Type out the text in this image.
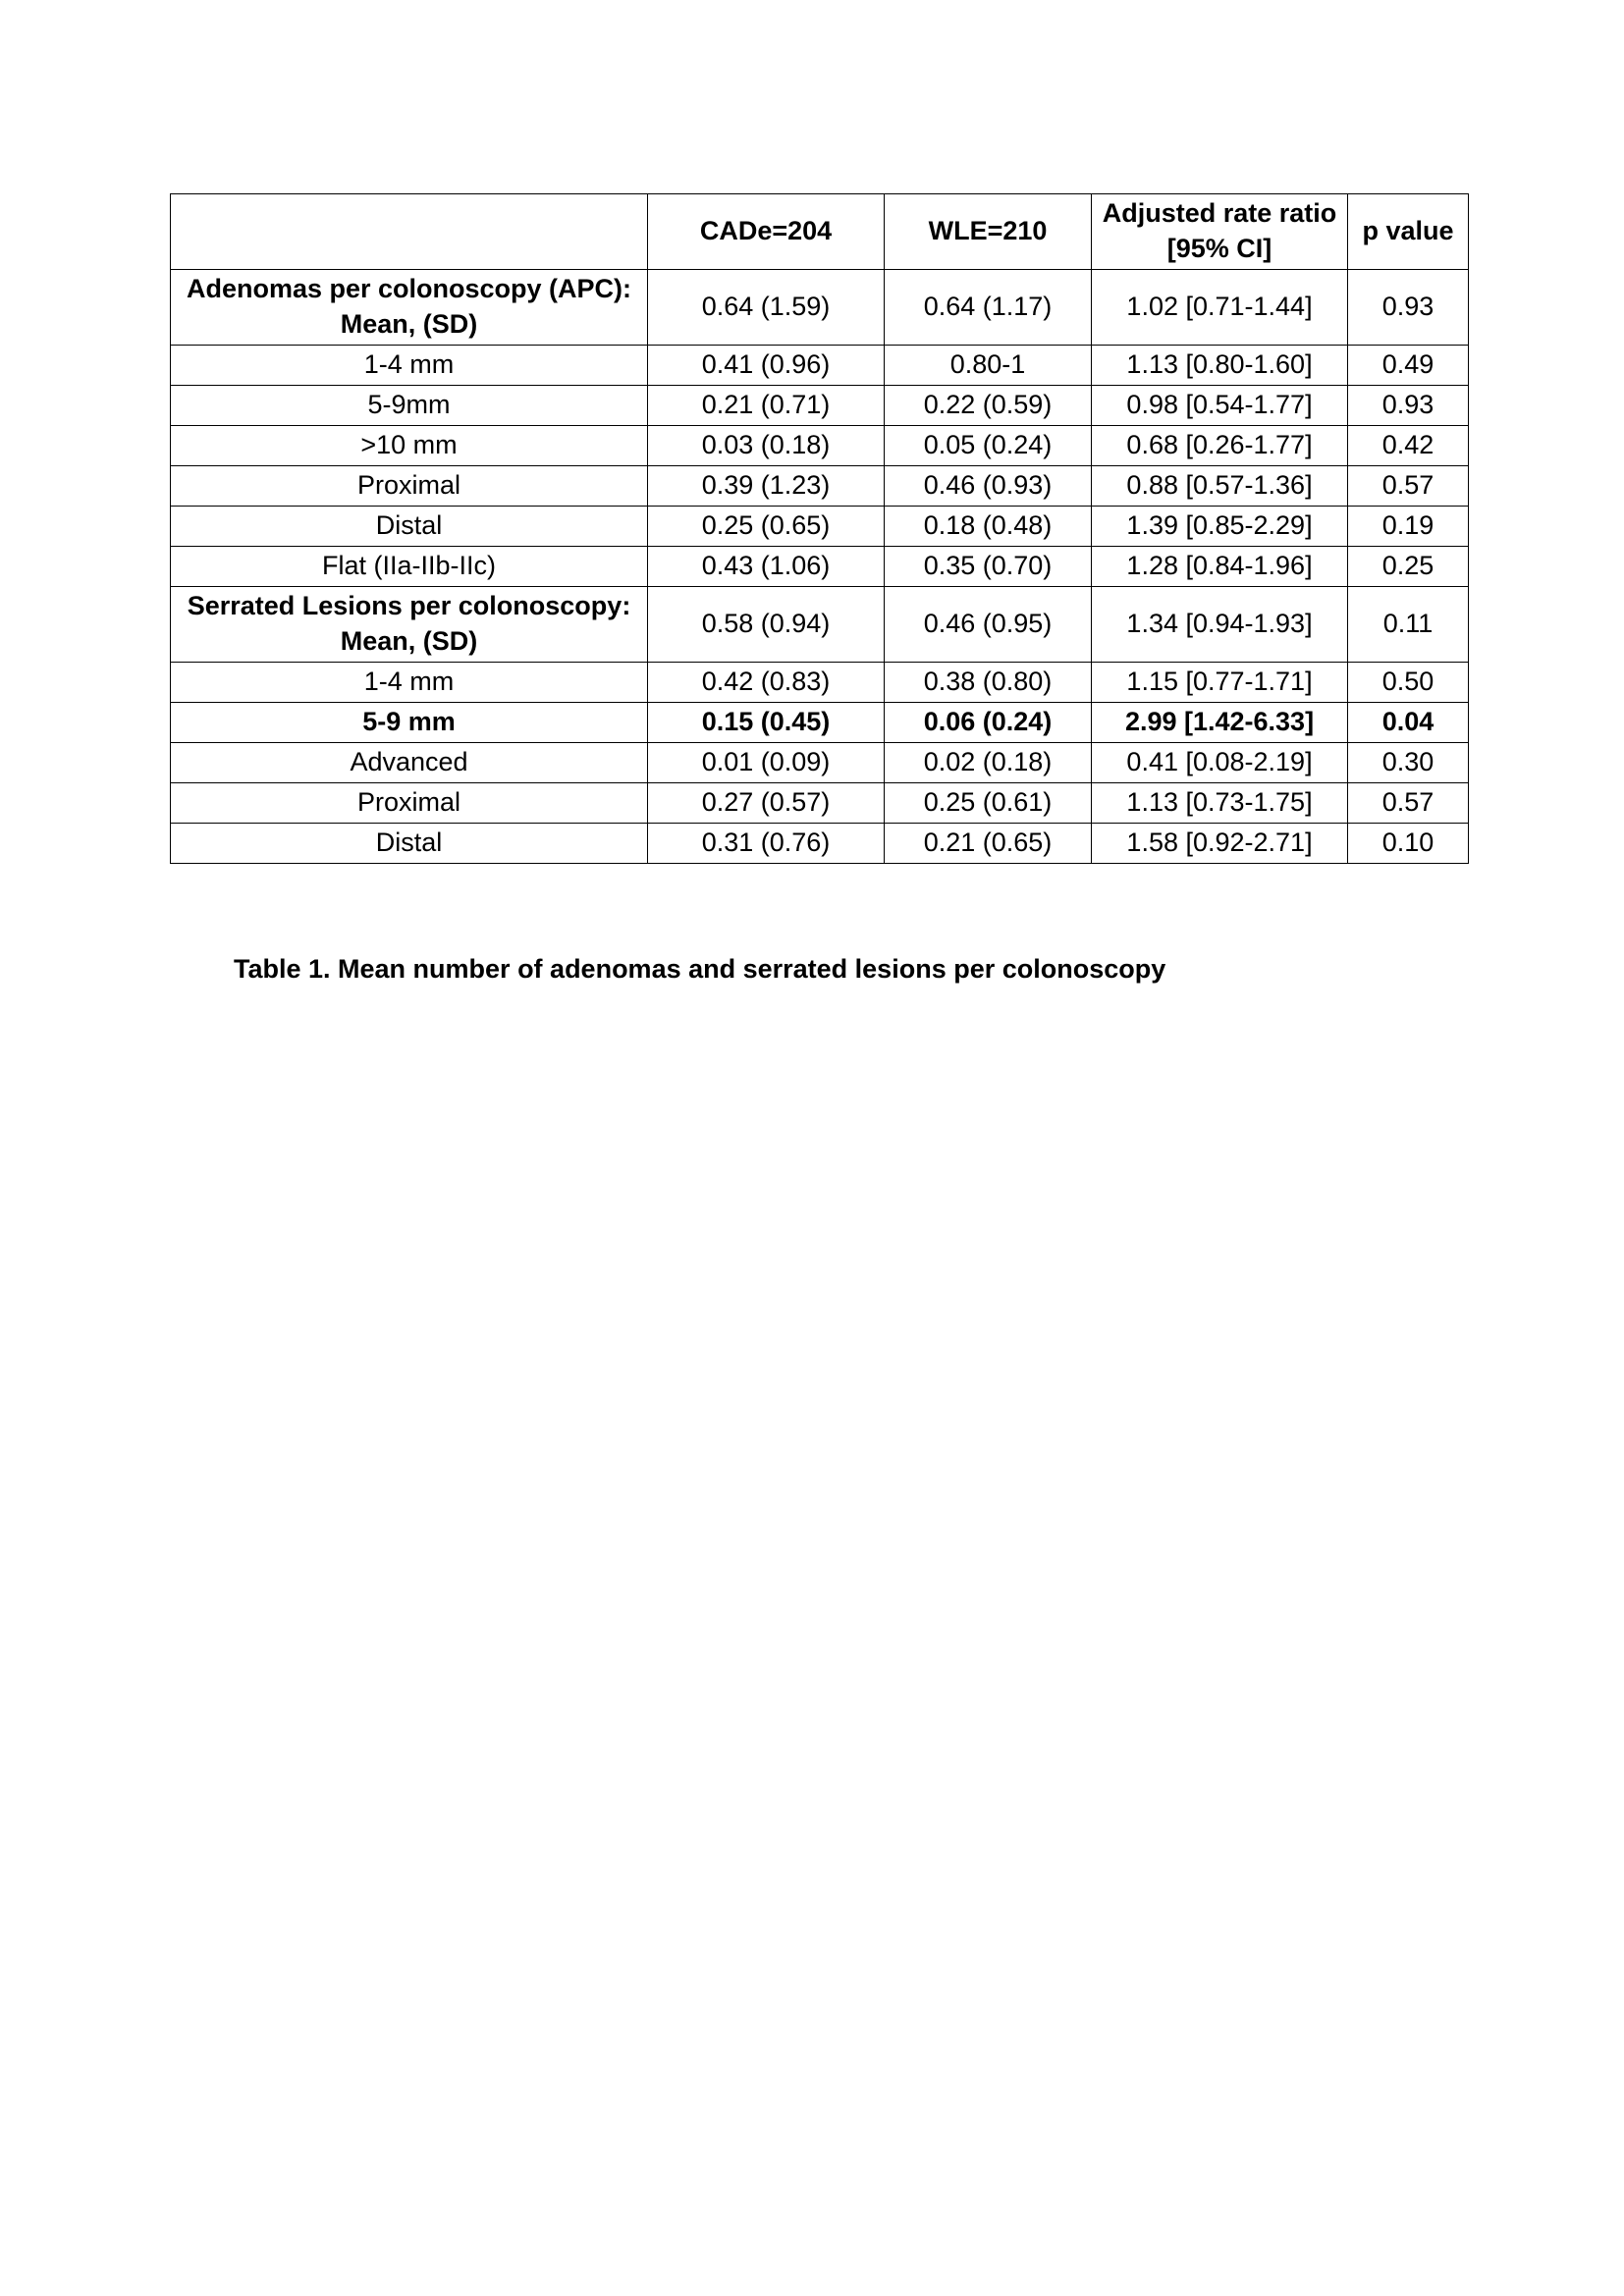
	CADe=204	WLE=210	Adjusted rate ratio [95% CI]	p value
Adenomas per colonoscopy (APC): Mean, (SD)	0.64 (1.59)	0.64 (1.17)	1.02 [0.71-1.44]	0.93
1-4 mm	0.41 (0.96)	0.80-1	1.13 [0.80-1.60]	0.49
5-9mm	0.21 (0.71)	0.22 (0.59)	0.98 [0.54-1.77]	0.93
>10 mm	0.03 (0.18)	0.05 (0.24)	0.68 [0.26-1.77]	0.42
Proximal	0.39 (1.23)	0.46 (0.93)	0.88 [0.57-1.36]	0.57
Distal	0.25 (0.65)	0.18 (0.48)	1.39 [0.85-2.29]	0.19
Flat (IIa-IIb-IIc)	0.43 (1.06)	0.35 (0.70)	1.28 [0.84-1.96]	0.25
Serrated Lesions per colonoscopy: Mean, (SD)	0.58 (0.94)	0.46 (0.95)	1.34 [0.94-1.93]	0.11
1-4 mm	0.42 (0.83)	0.38 (0.80)	1.15 [0.77-1.71]	0.50
5-9 mm	0.15 (0.45)	0.06 (0.24)	2.99 [1.42-6.33]	0.04
Advanced	0.01 (0.09)	0.02 (0.18)	0.41 [0.08-2.19]	0.30
Proximal	0.27 (0.57)	0.25 (0.61)	1.13 [0.73-1.75]	0.57
Distal	0.31 (0.76)	0.21 (0.65)	1.58 [0.92-2.71]	0.10

Table 1. Mean number of adenomas and serrated lesions per colonoscopy
